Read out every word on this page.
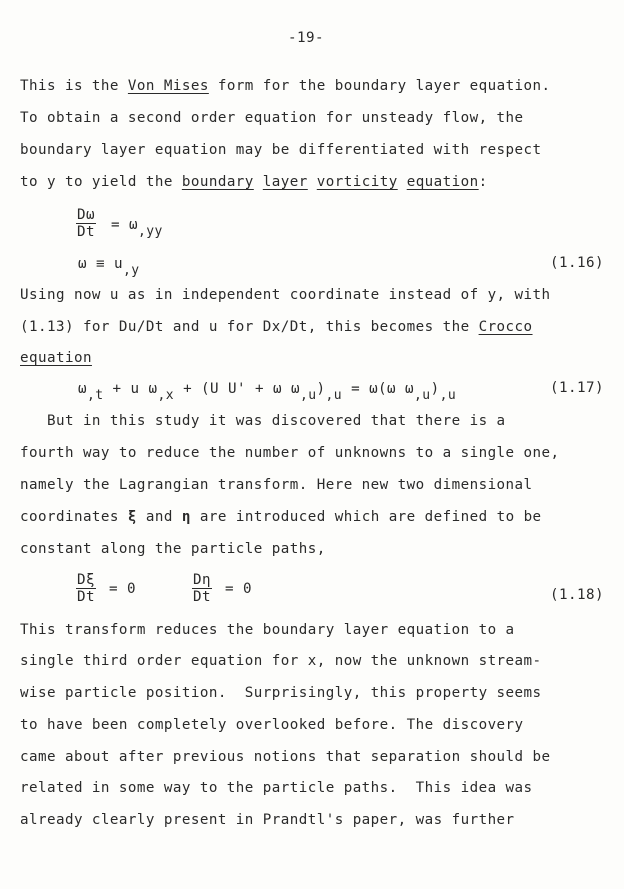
-19-
This is the Von Mises form for the boundary layer equation.
To obtain a second order equation for unsteady flow, the
boundary layer equation may be differentiated with respect
to y to yield the boundary layer vorticity equation:
$\frac{D\omega}{Dt} = \omega_{,yy}$
$\omega \equiv u_{,y}$	(1.16)
Using now u as in independent coordinate instead of y, with
(1.13) for Du/Dt and u for Dx/Dt, this becomes the Crocco
equation
$\omega_{,t} + u$ $\omega_{,x} + (U$ U' + ω $\omega_{,u})_{,u} = \omega(\omega$ $\omega_{,u})_{,u}$	(1.17)
But in this study it was discovered that there is a
fourth way to reduce the number of unknowns to a single one,
namely the Lagrangian transform. Here new two dimensional
coordinates ξ and η are introduced which are defined to be
constant along the particle paths,
$\frac{D\xi}{Dt} = 0$	$\frac{D\eta}{Dt} = 0$	(1.18)
This transform reduces the boundary layer equation to a
single third order equation for x, now the unknown stream-
wise particle position.  Surprisingly, this property seems
to have been completely overlooked before. The discovery
came about after previous notions that separation should be
related in some way to the particle paths.  This idea was
already clearly present in Prandtl's paper, was further
